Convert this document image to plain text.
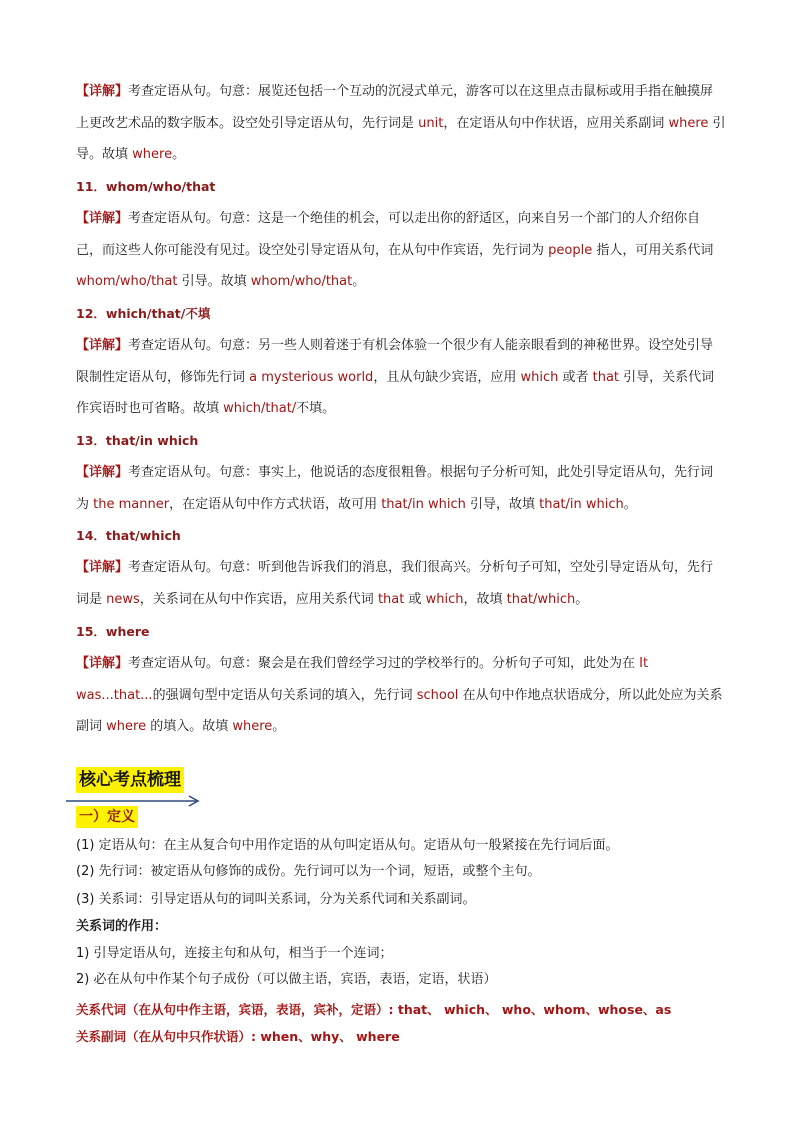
【详解】考查定语从句。句意：展览还包括一个互动的沉浸式单元，游客可以在这里点击鼠标或用手指在触摸屏上更改艺术品的数字版本。设空处引导定语从句，先行词是 unit，在定语从句中作状语，应用关系副词 where 引导。故填 where。
11．whom/who/that
【详解】考查定语从句。句意：这是一个绝佳的机会，可以走出你的舒适区，向来自另一个部门的人介绍你自己，而这些人你可能没有见过。设空处引导定语从句，在从句中作宾语，先行词为 people 指人，可用关系代词 whom/who/that 引导。故填 whom/who/that。
12．which/that/不填
【详解】考查定语从句。句意：另一些人则着迷于有机会体验一个很少有人能亲眼看到的神秘世界。设空处引导限制性定语从句，修饰先行词 a mysterious world，且从句缺少宾语，应用 which 或者 that 引导，关系代词作宾语时也可省略。故填 which/that/不填。
13．that/in which
【详解】考查定语从句。句意：事实上，他说话的态度很粗鲁。根据句子分析可知，此处引导定语从句，先行词为 the manner，在定语从句中作方式状语，故可用 that/in which 引导，故填 that/in which。
14．that/which
【详解】考查定语从句。句意：听到他告诉我们的消息，我们很高兴。分析句子可知，空处引导定语从句，先行词是 news，关系词在从句中作宾语，应用关系代词 that 或 which，故填 that/which。
15．where
【详解】考查定语从句。句意：聚会是在我们曾经学习过的学校举行的。分析句子可知，此处为在 It was...that...的强调句型中定语从句关系词的填入，先行词 school 在从句中作地点状语成分，所以此处应为关系副词 where 的填入。故填 where。
核心考点梳理
一）定义
(1) 定语从句：在主从复合句中用作定语的从句叫定语从句。定语从句一般紧接在先行词后面。
(2) 先行词：被定语从句修饰的成份。先行词可以为一个词，短语，或整个主句。
(3) 关系词：引导定语从句的词叫关系词，分为关系代词和关系副词。
关系词的作用：
1) 引导定语从句，连接主句和从句，相当于一个连词；
2) 必在从句中作某个句子成份（可以做主语，宾语，表语，定语，状语）
关系代词（在从句中作主语，宾语，表语，宾补，定语）: that、 which、 who、whom、whose、as
关系副词（在从句中只作状语）: when、why、 where
